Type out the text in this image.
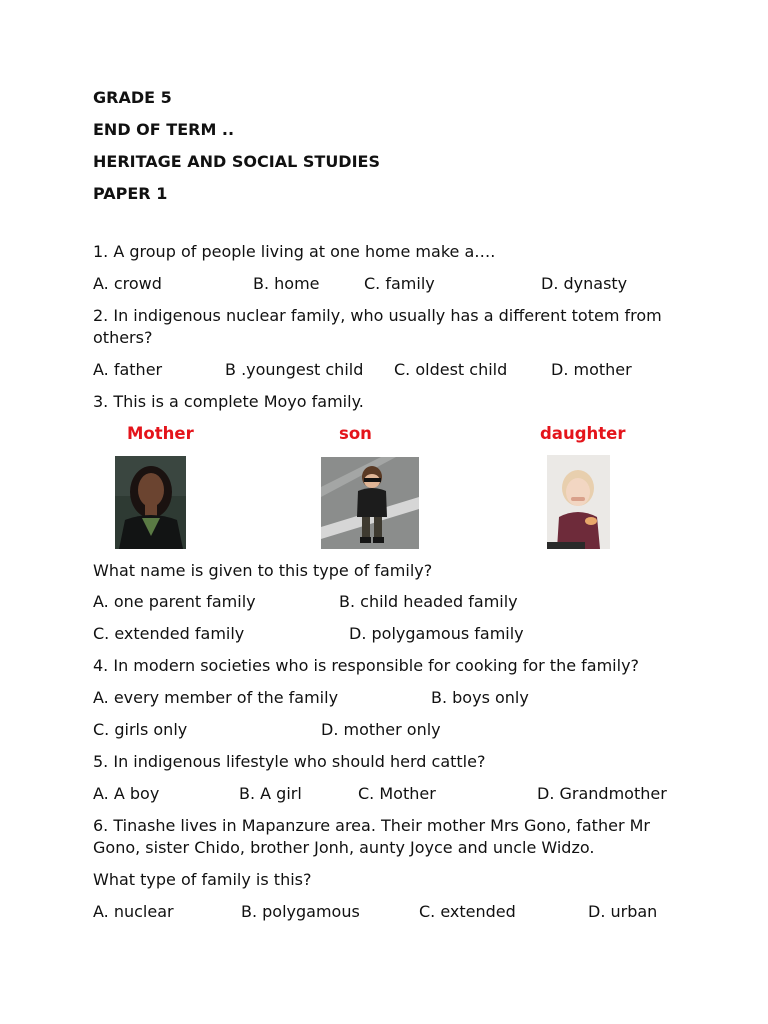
GRADE 5
END OF TERM ..
HERITAGE AND SOCIAL STUDIES
PAPER 1
1. A group of people living at one home make a….
A. crowd	B. home	C. family	D. dynasty
2. In indigenous nuclear family, who usually has a different totem from
others?
A. father	B .youngest child C. oldest child	D. mother
3. This is a complete Moyo family.
Mother	son	daughter
What name is given to this type of family?
A. one parent family	B. child headed family
C. extended family	D. polygamous family
4. In modern societies who is responsible for cooking for the family?
A. every member of the family	B. boys only
C. girls only	D. mother only
5. In indigenous lifestyle who should herd cattle?
A. A boy	B. A girl	C. Mother	D. Grandmother
6. Tinashe lives in Mapanzure area. Their mother Mrs Gono, father Mr
Gono, sister Chido, brother Jonh, aunty Joyce and uncle Widzo.
What type of family is this?
A. nuclear	B. polygamous	C. extended	D. urban
